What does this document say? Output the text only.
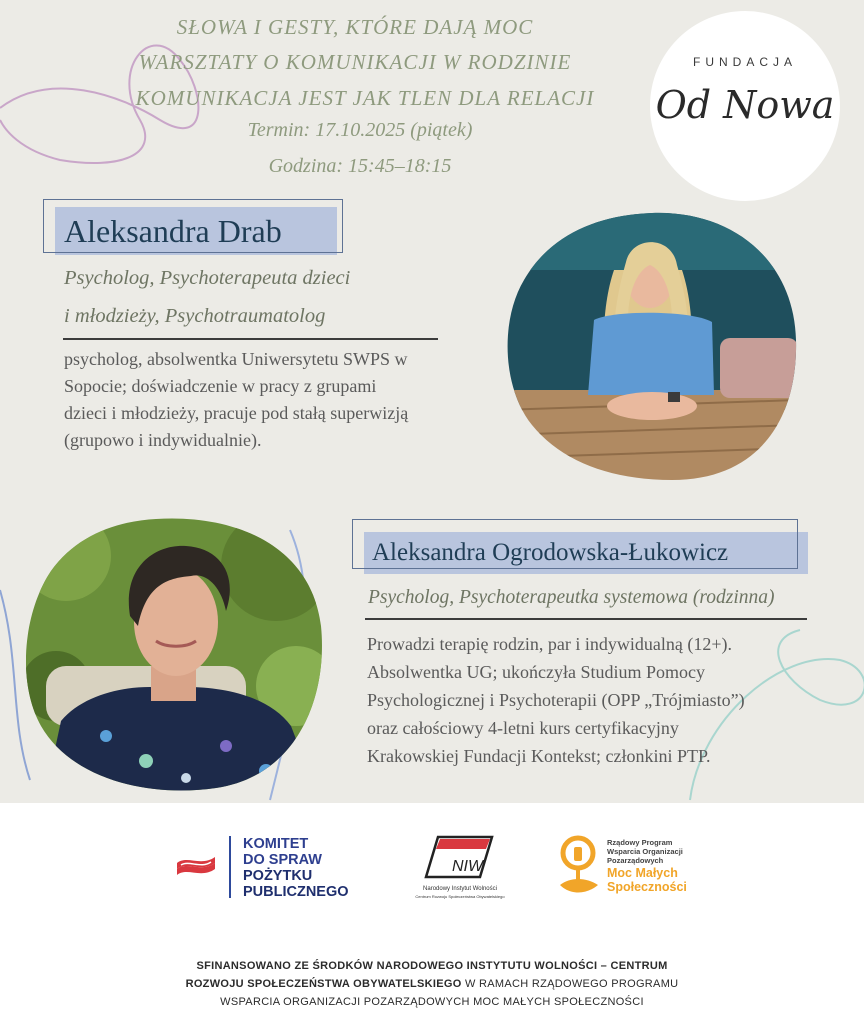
SŁOWA I GESTY, KTÓRE DAJĄ MOC
WARSZTATY O KOMUNIKACJI W RODZINIE
KOMUNIKACJA JEST JAK TLEN DLA RELACJI
Termin: 17.10.2025 (piątek)
Godzina: 15:45–18:15
FUNDACJA
Od Nowa
Aleksandra Drab
Psycholog, Psychoterapeuta dzieci
i młodzieży, Psychotraumatolog
psycholog, absolwentka Uniwersytetu SWPS w
Sopocie; doświadczenie w pracy z grupami
dzieci i młodzieży, pracuje pod stałą superwizją
(grupowo i indywidualnie).
Aleksandra Ogrodowska-Łukowicz
Psycholog, Psychoterapeutka systemowa (rodzinna)
Prowadzi terapię rodzin, par i indywidualną (12+).
Absolwentka UG; ukończyła Studium Pomocy
Psychologicznej i Psychoterapii (OPP „Trójmiasto”)
oraz całościowy 4-letni kurs certyfikacyjny
Krakowskiej Fundacji Kontekst; członkini PTP.
KOMITET
DO SPRAW
POŻYTKU
PUBLICZNEGO
NIW
Narodowy Instytut Wolności
Centrum Rozwoju Społeczeństwa Obywatelskiego
Rządowy Program
Wsparcia Organizacji
Pozarządowych
Moc Małych
Społeczności
SFINANSOWANO ZE ŚRODKÓW NARODOWEGO INSTYTUTU WOLNOŚCI – CENTRUM
ROZWOJU SPOŁECZEŃSTWA OBYWATELSKIEGO W RAMACH RZĄDOWEGO PROGRAMU
WSPARCIA ORGANIZACJI POZARZĄDOWYCH MOC MAŁYCH SPOŁECZNOŚCI
